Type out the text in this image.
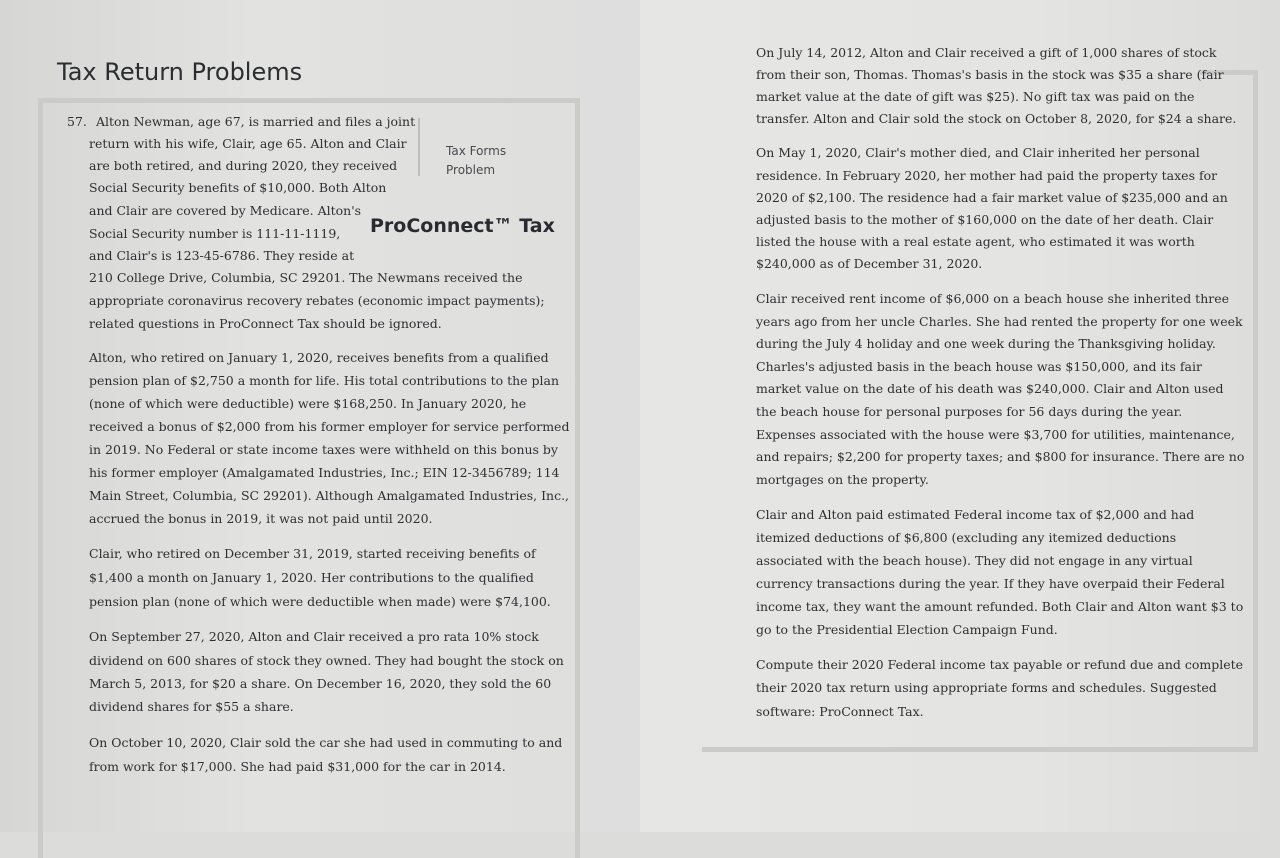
Tax Return Problems
Tax Forms
Problem
ProConnect™ Tax
57. Alton Newman, age 67, is married and files a joint
return with his wife, Clair, age 65. Alton and Clair
are both retired, and during 2020, they received
Social Security benefits of $10,000. Both Alton
and Clair are covered by Medicare. Alton's
Social Security number is 111-11-1119,
and Clair's is 123-45-6786. They reside at
210 College Drive, Columbia, SC 29201. The Newmans received the
appropriate coronavirus recovery rebates (economic impact payments);
related questions in ProConnect Tax should be ignored.
Alton, who retired on January 1, 2020, receives benefits from a qualified
pension plan of $2,750 a month for life. His total contributions to the plan
(none of which were deductible) were $168,250. In January 2020, he
received a bonus of $2,000 from his former employer for service performed
in 2019. No Federal or state income taxes were withheld on this bonus by
his former employer (Amalgamated Industries, Inc.; EIN 12-3456789; 114
Main Street, Columbia, SC 29201). Although Amalgamated Industries, Inc.,
accrued the bonus in 2019, it was not paid until 2020.
Clair, who retired on December 31, 2019, started receiving benefits of
$1,400 a month on January 1, 2020. Her contributions to the qualified
pension plan (none of which were deductible when made) were $74,100.
On September 27, 2020, Alton and Clair received a pro rata 10% stock
dividend on 600 shares of stock they owned. They had bought the stock on
March 5, 2013, for $20 a share. On December 16, 2020, they sold the 60
dividend shares for $55 a share.
On October 10, 2020, Clair sold the car she had used in commuting to and
from work for $17,000. She had paid $31,000 for the car in 2014.
On July 14, 2012, Alton and Clair received a gift of 1,000 shares of stock
from their son, Thomas. Thomas's basis in the stock was $35 a share (fair
market value at the date of gift was $25). No gift tax was paid on the
transfer. Alton and Clair sold the stock on October 8, 2020, for $24 a share.
On May 1, 2020, Clair's mother died, and Clair inherited her personal
residence. In February 2020, her mother had paid the property taxes for
2020 of $2,100. The residence had a fair market value of $235,000 and an
adjusted basis to the mother of $160,000 on the date of her death. Clair
listed the house with a real estate agent, who estimated it was worth
$240,000 as of December 31, 2020.
Clair received rent income of $6,000 on a beach house she inherited three
years ago from her uncle Charles. She had rented the property for one week
during the July 4 holiday and one week during the Thanksgiving holiday.
Charles's adjusted basis in the beach house was $150,000, and its fair
market value on the date of his death was $240,000. Clair and Alton used
the beach house for personal purposes for 56 days during the year.
Expenses associated with the house were $3,700 for utilities, maintenance,
and repairs; $2,200 for property taxes; and $800 for insurance. There are no
mortgages on the property.
Clair and Alton paid estimated Federal income tax of $2,000 and had
itemized deductions of $6,800 (excluding any itemized deductions
associated with the beach house). They did not engage in any virtual
currency transactions during the year. If they have overpaid their Federal
income tax, they want the amount refunded. Both Clair and Alton want $3 to
go to the Presidential Election Campaign Fund.
Compute their 2020 Federal income tax payable or refund due and complete
their 2020 tax return using appropriate forms and schedules. Suggested
software: ProConnect Tax.
